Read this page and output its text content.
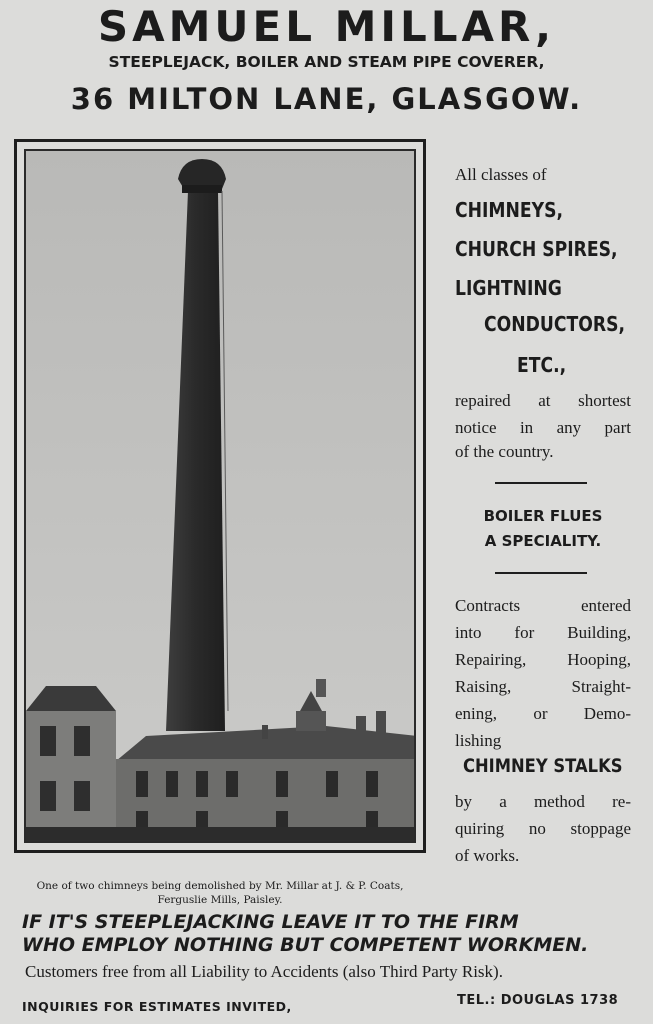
SAMUEL MILLAR,
STEEPLEJACK, BOILER AND STEAM PIPE COVERER,
36 MILTON LANE, GLASGOW.
One of two chimneys being demolished by Mr. Millar at J. & P. Coats,
Ferguslie Mills, Paisley.
All classes of
CHIMNEYS,
CHURCH SPIRES,
LIGHTNING
CONDUCTORS,
ETC.,
repaired at shortest
notice in any part
of the country.
BOILER FLUES
A SPECIALITY.
Contracts entered
into for Building,
Repairing, Hooping,
Raising, Straight-
ening, or Demo-
lishing
CHIMNEY STALKS
by a method re-
quiring no stoppage
of works.
IF IT'S STEEPLEJACKING LEAVE IT TO THE FIRM
WHO EMPLOY NOTHING BUT COMPETENT WORKMEN.
Customers free from all Liability to Accidents (also Third Party Risk).
INQUIRIES FOR ESTIMATES INVITED,	TEL.: DOUGLAS 1738
